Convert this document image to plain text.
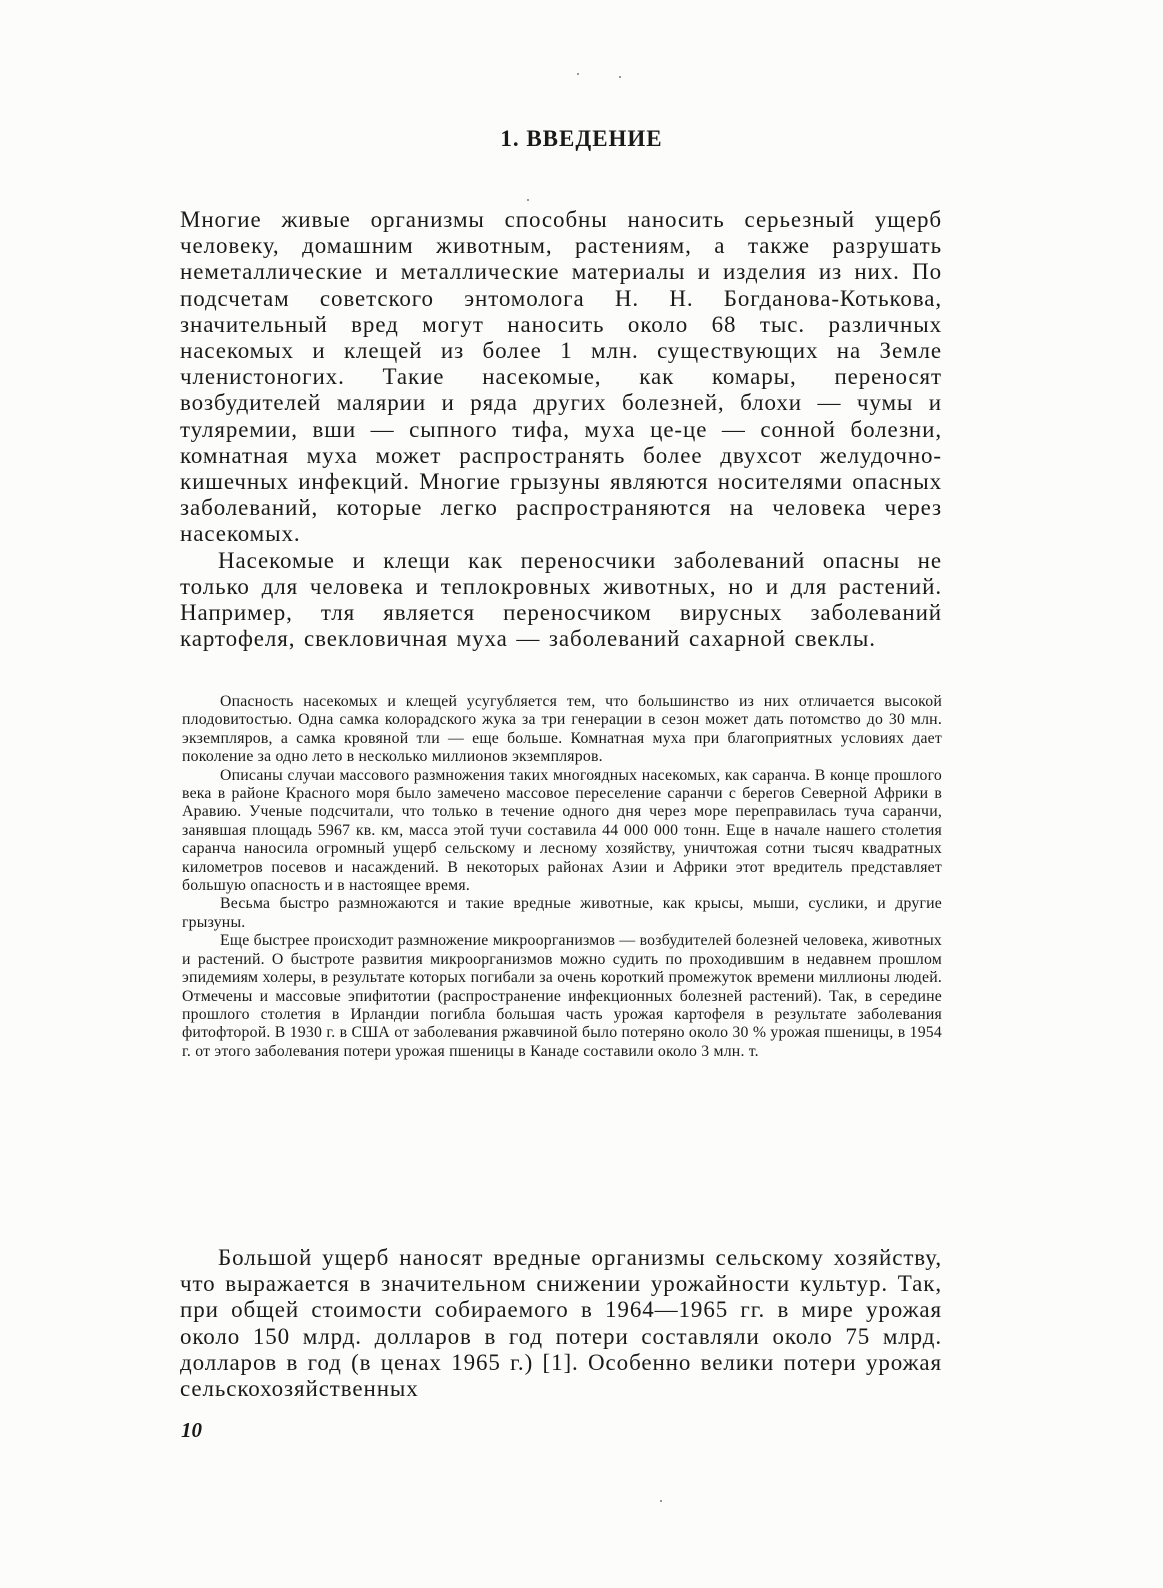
1. ВВЕДЕНИЕ

Многие живые организмы способны наносить серьезный ущерб человеку, домашним животным, растениям, а также разрушать неметаллические и металлические материалы и изделия из них. По подсчетам советского энтомолога Н. Н. Богданова-Котькова, значительный вред могут наносить около 68 тыс. различных насекомых и клещей из более 1 млн. существующих на Земле членистоногих. Такие насекомые, как комары, переносят возбудителей малярии и ряда других болезней, блохи — чумы и туляремии, вши — сыпного тифа, муха це-це — сонной болезни, комнатная муха может распространять более двухсот желудочно-кишечных инфекций. Многие грызуны являются носителями опасных заболеваний, которые легко распространяются на человека через насекомых.

Насекомые и клещи как переносчики заболеваний опасны не только для человека и теплокровных животных, но и для растений. Например, тля является переносчиком вирусных заболеваний картофеля, свекловичная муха — заболеваний сахарной свеклы.

Опасность насекомых и клещей усугубляется тем, что большинство из них отличается высокой плодовитостью. Одна самка колорадского жука за три генерации в сезон может дать потомство до 30 млн. экземпляров, а самка кровяной тли — еще больше. Комнатная муха при благоприятных условиях дает поколение за одно лето в несколько миллионов экземпляров.

Описаны случаи массового размножения таких многоядных насекомых, как саранча. В конце прошлого века в районе Красного моря было замечено массовое переселение саранчи с берегов Северной Африки в Аравию. Ученые подсчитали, что только в течение одного дня через море переправилась туча саранчи, занявшая площадь 5967 кв. км, масса этой тучи составила 44 000 000 тонн. Еще в начале нашего столетия саранча наносила огромный ущерб сельскому и лесному хозяйству, уничтожая сотни тысяч квадратных километров посевов и насаждений. В некоторых районах Азии и Африки этот вредитель представляет большую опасность и в настоящее время.

Весьма быстро размножаются и такие вредные животные, как крысы, мыши, суслики, и другие грызуны.

Еще быстрее происходит размножение микроорганизмов — возбудителей болезней человека, животных и растений. О быстроте развития микроорганизмов можно судить по проходившим в недавнем прошлом эпидемиям холеры, в результате которых погибали за очень короткий промежуток времени миллионы людей. Отмечены и массовые эпифитотии (распространение инфекционных болезней растений). Так, в середине прошлого столетия в Ирландии погибла большая часть урожая картофеля в результате заболевания фитофторой. В 1930 г. в США от заболевания ржавчиной было потеряно около 30 % урожая пшеницы, в 1954 г. от этого заболевания потери урожая пшеницы в Канаде составили около 3 млн. т.

Большой ущерб наносят вредные организмы сельскому хозяйству, что выражается в значительном снижении урожайности культур. Так, при общей стоимости собираемого в 1964—1965 гг. в мире урожая около 150 млрд. долларов в год потери составляли около 75 млрд. долларов в год (в ценах 1965 г.) [1]. Особенно велики потери урожая сельскохозяйственных

10
